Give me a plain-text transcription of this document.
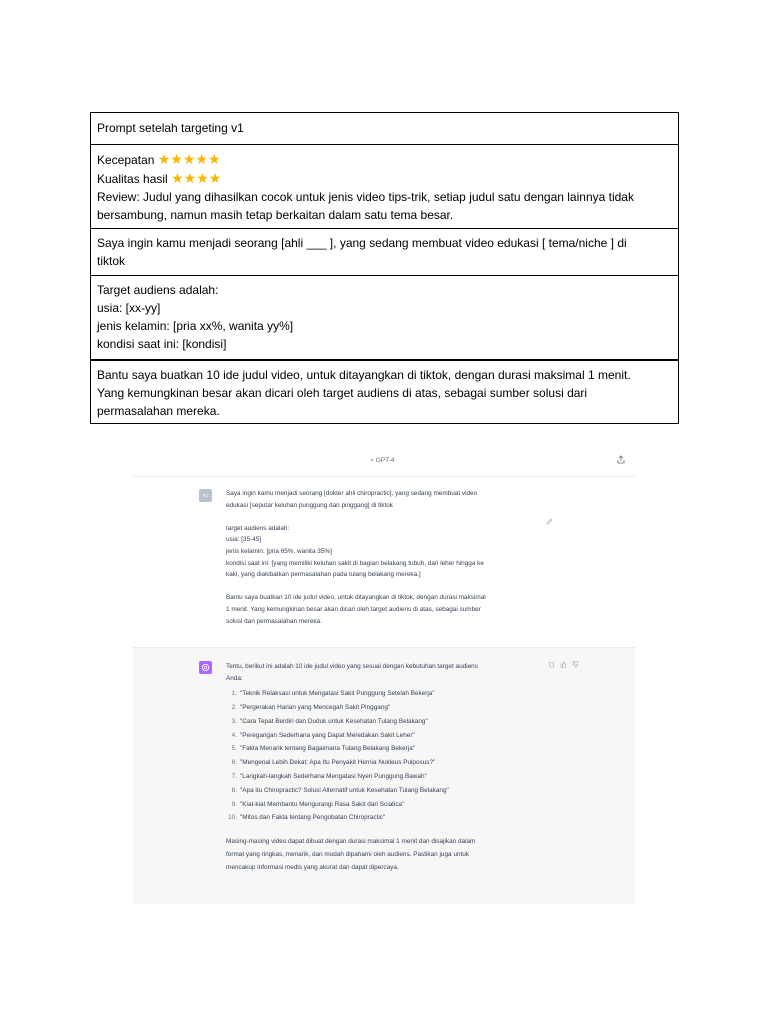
Prompt setelah targeting v1
Kecepatan ★★★★★
Kualitas hasil ★★★★
Review: Judul yang dihasilkan cocok untuk jenis video tips-trik, setiap judul satu dengan lainnya tidak
bersambung, namun masih tetap berkaitan dalam satu tema besar.
Saya ingin kamu menjadi seorang [ahli ___ ], yang sedang membuat video edukasi [ tema/niche ] di
tiktok
Target audiens adalah:
usia: [xx-yy]
jenis kelamin: [pria xx%, wanita yy%]
kondisi saat ini: [kondisi]
Bantu saya buatkan 10 ide judul video, untuk ditayangkan di tiktok, dengan durasi maksimal 1 menit.
Yang kemungkinan besar akan dicari oleh target audiens di atas, sebagai sumber solusi dari
permasalahan mereka.
⌁ GPT-4
R.I	Saya ingin kamu menjadi seorang [dokter ahli chiropractic], yang sedang membuat video
edukasi [seputar keluhan punggung dan pinggang] di tiktok
target audiens adalah:
usia: [35-45]
jenis kelamin: [pria 65%, wanita 35%]
kondisi saat ini: [yang memiliki keluhan sakit di bagian belakang tubuh, dari leher hingga ke
kaki, yang diakibatkan permasalahan pada tulang belakang mereka.]
Bantu saya buatkan 10 ide judul video, untuk ditayangkan di tiktok, dengan durasi maksimal
1 menit. Yang kemungkinan besar akan dicari oleh target audiens di atas, sebagai sumber
solusi dari permasalahan mereka.
Tentu, berikut ini adalah 10 ide judul video yang sesuai dengan kebutuhan target audiens
Anda:
1. "Teknik Relaksasi untuk Mengatasi Sakit Punggung Setelah Bekerja"
2. "Pergerakan Harian yang Mencegah Sakit Pinggang"
3. "Cara Tepat Berdiri dan Duduk untuk Kesehatan Tulang Belakang"
4. "Peregangan Sederhana yang Dapat Meredakan Sakit Leher"
5. "Fakta Menarik tentang Bagaimana Tulang Belakang Bekerja"
6. "Mengenal Lebih Dekat: Apa Itu Penyakit Hernia Nukleus Pulposus?"
7. "Langkah-langkah Sederhana Mengatasi Nyeri Punggung Bawah"
8. "Apa itu Chiropractic? Solusi Alternatif untuk Kesehatan Tulang Belakang"
9. "Kiat-kiat Membantu Mengurangi Rasa Sakit dari Sciatica"
10. "Mitos dan Fakta tentang Pengobatan Chiropractic"
Masing-masing video dapat dibuat dengan durasi maksimal 1 menit dan disajikan dalam
format yang ringkas, menarik, dan mudah dipahami oleh audiens. Pastikan juga untuk
mencakup informasi medis yang akurat dan dapat dipercaya.
